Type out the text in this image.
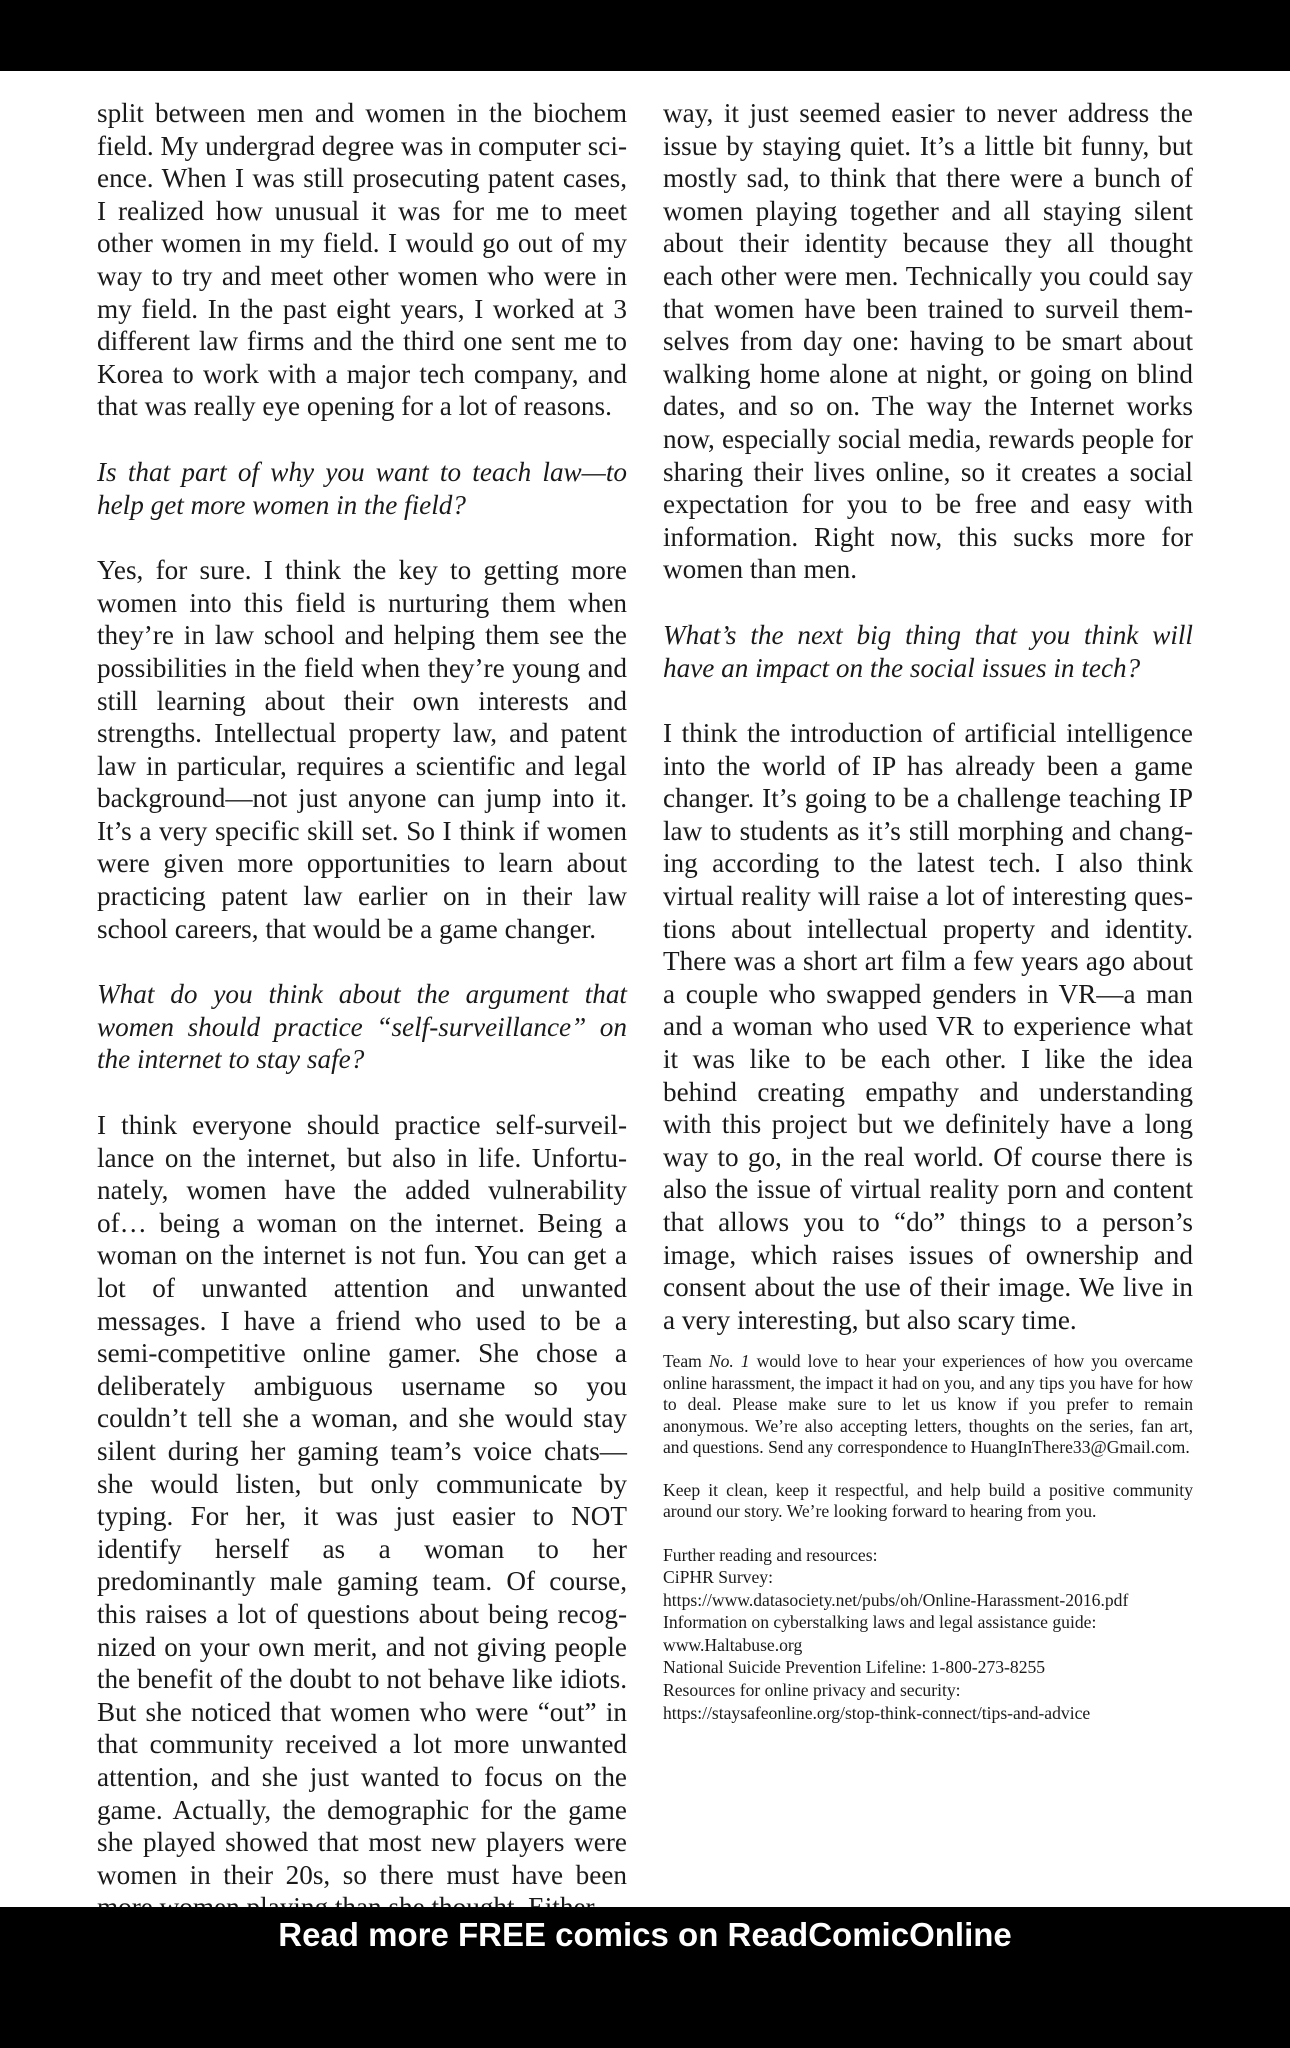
split between men and women in the biochem field. My undergrad degree was in computer science. When I was still prosecuting patent cases, I realized how unusual it was for me to meet other women in my field. I would go out of my way to try and meet other women who were in my field. In the past eight years, I worked at 3 different law firms and the third one sent me to Korea to work with a major tech company, and that was really eye opening for a lot of reasons.

Is that part of why you want to teach law—to help get more women in the field?

Yes, for sure. I think the key to getting more women into this field is nurturing them when they’re in law school and helping them see the possibilities in the field when they’re young and still learning about their own interests and strengths. Intellectual property law, and patent law in particular, requires a scientific and legal background—not just anyone can jump into it. It’s a very specific skill set. So I think if women were given more opportunities to learn about practicing patent law earlier on in their law school careers, that would be a game changer.

What do you think about the argument that women should practice “self-surveillance” on the internet to stay safe?

I think everyone should practice self-surveillance on the internet, but also in life. Unfortunately, women have the added vulnerability of… being a woman on the internet. Being a woman on the internet is not fun. You can get a lot of unwanted attention and unwanted messages. I have a friend who used to be a semi-competitive online gamer. She chose a deliberately ambiguous username so you couldn’t tell she a woman, and she would stay silent during her gaming team’s voice chats—she would listen, but only communicate by typing. For her, it was just easier to NOT identify herself as a woman to her predominantly male gaming team. Of course, this raises a lot of questions about being recognized on your own merit, and not giving people the benefit of the doubt to not behave like idiots. But she noticed that women who were “out” in that community received a lot more unwanted attention, and she just wanted to focus on the game. Actually, the demographic for the game she played showed that most new players were women in their 20s, so there must have been

way, it just seemed easier to never address the issue by staying quiet. It’s a little bit funny, but mostly sad, to think that there were a bunch of women playing together and all staying silent about their identity because they all thought each other were men. Technically you could say that women have been trained to surveil themselves from day one: having to be smart about walking home alone at night, or going on blind dates, and so on. The way the Internet works now, especially social media, rewards people for sharing their lives online, so it creates a social expectation for you to be free and easy with information. Right now, this sucks more for women than men.

What’s the next big thing that you think will have an impact on the social issues in tech?

I think the introduction of artificial intelligence into the world of IP has already been a game changer. It’s going to be a challenge teaching IP law to students as it’s still morphing and changing according to the latest tech. I also think virtual reality will raise a lot of interesting questions about intellectual property and identity. There was a short art film a few years ago about a couple who swapped genders in VR—a man and a woman who used VR to experience what it was like to be each other. I like the idea behind creating empathy and understanding with this project but we definitely have a long way to go, in the real world. Of course there is also the issue of virtual reality porn and content that allows you to “do” things to a person’s image, which raises issues of ownership and consent about the use of their image. We live in a very interesting, but also scary time.

Team No. 1 would love to hear your experiences of how you overcame online harassment, the impact it had on you, and any tips you have for how to deal. Please make sure to let us know if you prefer to remain anonymous. We’re also accepting letters, thoughts on the series, fan art, and questions. Send any correspondence to HuangInThere33@Gmail.com.

Keep it clean, keep it respectful, and help build a positive community around our story. We’re looking forward to hearing from you.

Further reading and resources:
CiPHR Survey:
https://www.datasociety.net/pubs/oh/Online-Harassment-2016.pdf
Information on cyberstalking laws and legal assistance guide:
www.Haltabuse.org
National Suicide Prevention Lifeline: 1-800-273-8255
Resources for online privacy and security:
https://staysafeonline.org/stop-think-connect/tips-and-advice
Read more FREE comics on ReadComicOnline
